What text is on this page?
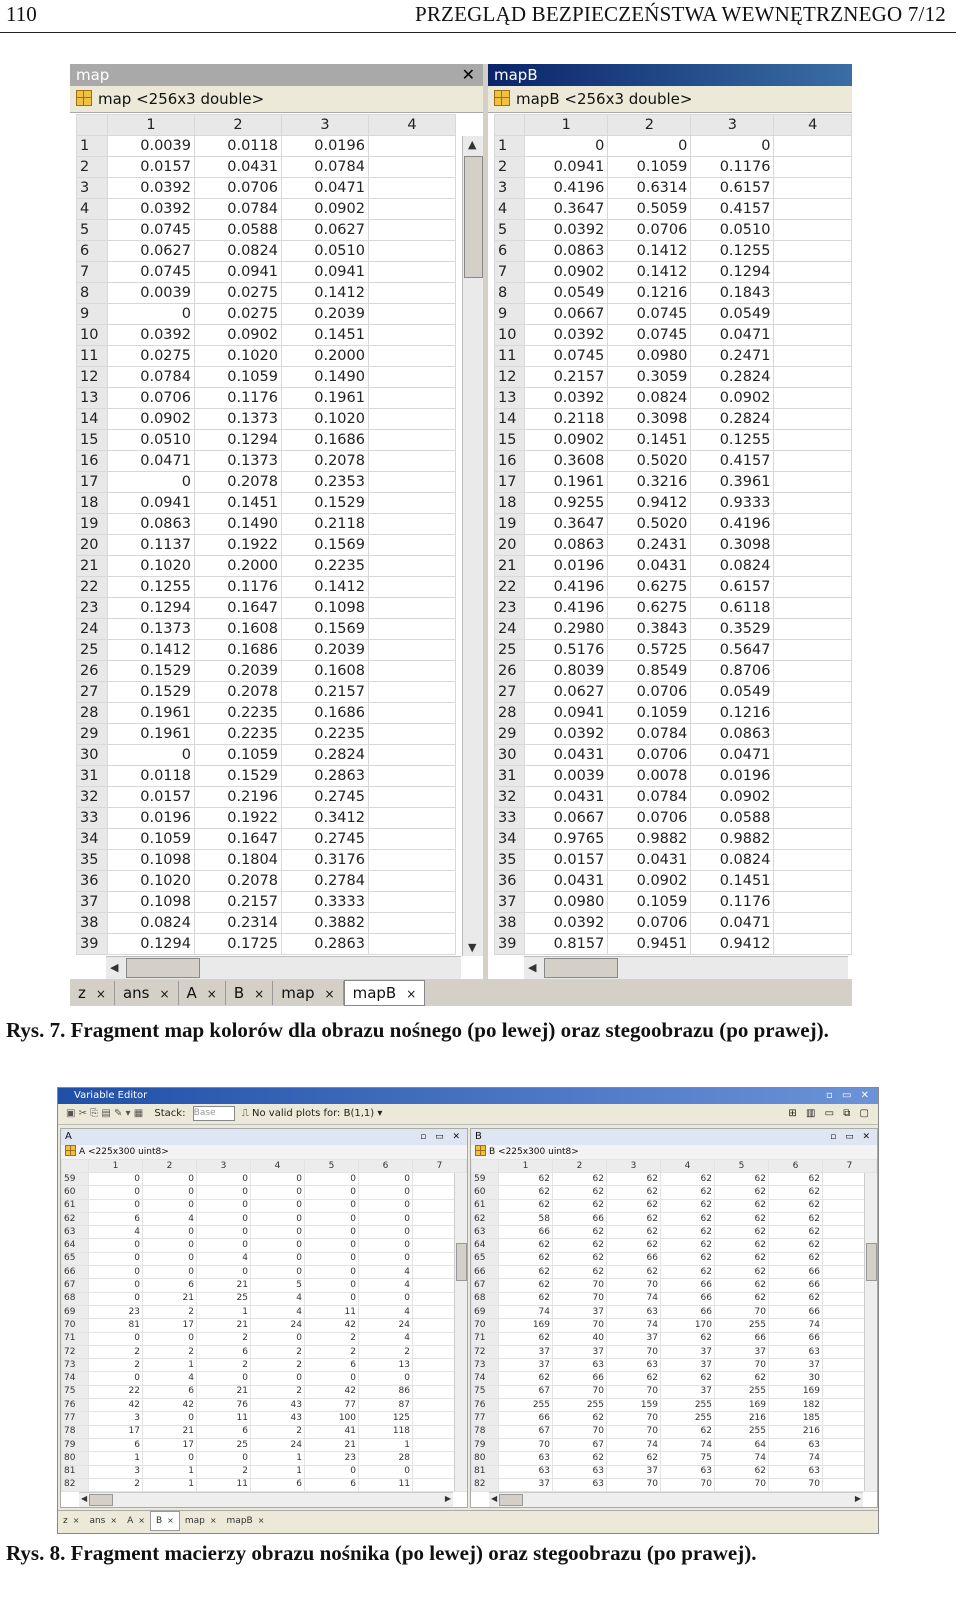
110	PRZEGLĄD BEZPIECZEŃSTWA WEWNĘTRZNEGO 7/12
map	✕
map <256x3 double>
	1	2	3	4
1	0.0039	0.0118	0.0196	
2	0.0157	0.0431	0.0784	
3	0.0392	0.0706	0.0471	
4	0.0392	0.0784	0.0902	
5	0.0745	0.0588	0.0627	
6	0.0627	0.0824	0.0510	
7	0.0745	0.0941	0.0941	
8	0.0039	0.0275	0.1412	
9	0	0.0275	0.2039	
10	0.0392	0.0902	0.1451	
11	0.0275	0.1020	0.2000	
12	0.0784	0.1059	0.1490	
13	0.0706	0.1176	0.1961	
14	0.0902	0.1373	0.1020	
15	0.0510	0.1294	0.1686	
16	0.0471	0.1373	0.2078	
17	0	0.2078	0.2353	
18	0.0941	0.1451	0.1529	
19	0.0863	0.1490	0.2118	
20	0.1137	0.1922	0.1569	
21	0.1020	0.2000	0.2235	
22	0.1255	0.1176	0.1412	
23	0.1294	0.1647	0.1098	
24	0.1373	0.1608	0.1569	
25	0.1412	0.1686	0.2039	
26	0.1529	0.2039	0.1608	
27	0.1529	0.2078	0.2157	
28	0.1961	0.2235	0.1686	
29	0.1961	0.2235	0.2235	
30	0	0.1059	0.2824	
31	0.0118	0.1529	0.2863	
32	0.0157	0.2196	0.2745	
33	0.0196	0.1922	0.3412	
34	0.1059	0.1647	0.2745	
35	0.1098	0.1804	0.3176	
36	0.1020	0.2078	0.2784	
37	0.1098	0.2157	0.3333	
38	0.0824	0.2314	0.3882	
39	0.1294	0.1725	0.2863	
▲
▼
◀
mapB
mapB <256x3 double>
	1	2	3	4
1	0	0	0	
2	0.0941	0.1059	0.1176	
3	0.4196	0.6314	0.6157	
4	0.3647	0.5059	0.4157	
5	0.0392	0.0706	0.0510	
6	0.0863	0.1412	0.1255	
7	0.0902	0.1412	0.1294	
8	0.0549	0.1216	0.1843	
9	0.0667	0.0745	0.0549	
10	0.0392	0.0745	0.0471	
11	0.0745	0.0980	0.2471	
12	0.2157	0.3059	0.2824	
13	0.0392	0.0824	0.0902	
14	0.2118	0.3098	0.2824	
15	0.0902	0.1451	0.1255	
16	0.3608	0.5020	0.4157	
17	0.1961	0.3216	0.3961	
18	0.9255	0.9412	0.9333	
19	0.3647	0.5020	0.4196	
20	0.0863	0.2431	0.3098	
21	0.0196	0.0431	0.0824	
22	0.4196	0.6275	0.6157	
23	0.4196	0.6275	0.6118	
24	0.2980	0.3843	0.3529	
25	0.5176	0.5725	0.5647	
26	0.8039	0.8549	0.8706	
27	0.0627	0.0706	0.0549	
28	0.0941	0.1059	0.1216	
29	0.0392	0.0784	0.0863	
30	0.0431	0.0706	0.0471	
31	0.0039	0.0078	0.0196	
32	0.0431	0.0784	0.0902	
33	0.0667	0.0706	0.0588	
34	0.9765	0.9882	0.9882	
35	0.0157	0.0431	0.0824	
36	0.0431	0.0902	0.1451	
37	0.0980	0.1059	0.1176	
38	0.0392	0.0706	0.0471	
39	0.8157	0.9451	0.9412	
◀
z × ans × A × B × map × mapB ×
Rys. 7. Fragment map kolorów dla obrazu nośnego (po lewej) oraz stegoobrazu (po prawej).
Variable Editor	▫ ▭ ✕
▣ ✂ ⎘ ▤ ✎ ▾ ▦ Stack: Base	⎍ No valid plots for: B(1,1) ▾	⊞ ▥ ▭ ⧉ ▢
A	▫ ▭ ✕
A <225x300 uint8>
	1	2	3	4	5	6	7
59	0	0	0	0	0	0	
60	0	0	0	0	0	0	
61	0	0	0	0	0	0	
62	6	4	0	0	0	0	
63	4	0	0	0	0	0	
64	0	0	0	0	0	0	
65	0	0	4	0	0	0	
66	0	0	0	0	0	4	
67	0	6	21	5	0	4	
68	0	21	25	4	0	0	
69	23	2	1	4	11	4	
70	81	17	21	24	42	24	
71	0	0	2	0	2	4	
72	2	2	6	2	2	2	
73	2	1	2	2	6	13	
74	0	4	0	0	0	0	
75	22	6	21	2	42	86	
76	42	42	76	43	77	87	
77	3	0	11	43	100	125	
78	17	21	6	2	41	118	
79	6	17	25	24	21	1	
80	1	0	0	1	23	28	
81	3	1	2	1	0	0	
82	2	1	11	6	6	11	
◀	▶
B	▫ ▭ ✕
B <225x300 uint8>
	1	2	3	4	5	6	7
59	62	62	62	62	62	62	
60	62	62	62	62	62	62	
61	62	62	62	62	62	62	
62	58	66	62	62	62	62	
63	66	62	62	62	62	62	
64	62	62	62	62	62	62	
65	62	62	66	62	62	62	
66	62	62	62	62	62	66	
67	62	70	70	66	62	66	
68	62	70	74	66	62	62	
69	74	37	63	66	70	66	
70	169	70	74	170	255	74	
71	62	40	37	62	66	66	
72	37	37	70	37	37	63	
73	37	63	63	37	70	37	
74	62	66	62	62	62	30	
75	67	70	70	37	255	169	
76	255	255	159	255	169	182	
77	66	62	70	255	216	185	
78	67	70	70	62	255	216	
79	70	67	74	74	64	63	
80	63	62	62	75	74	74	
81	63	63	37	63	62	63	
82	37	63	70	70	70	70	
◀	▶
z × ans × A × B × map × mapB ×
Rys. 8. Fragment macierzy obrazu nośnika (po lewej) oraz stegoobrazu (po prawej).
